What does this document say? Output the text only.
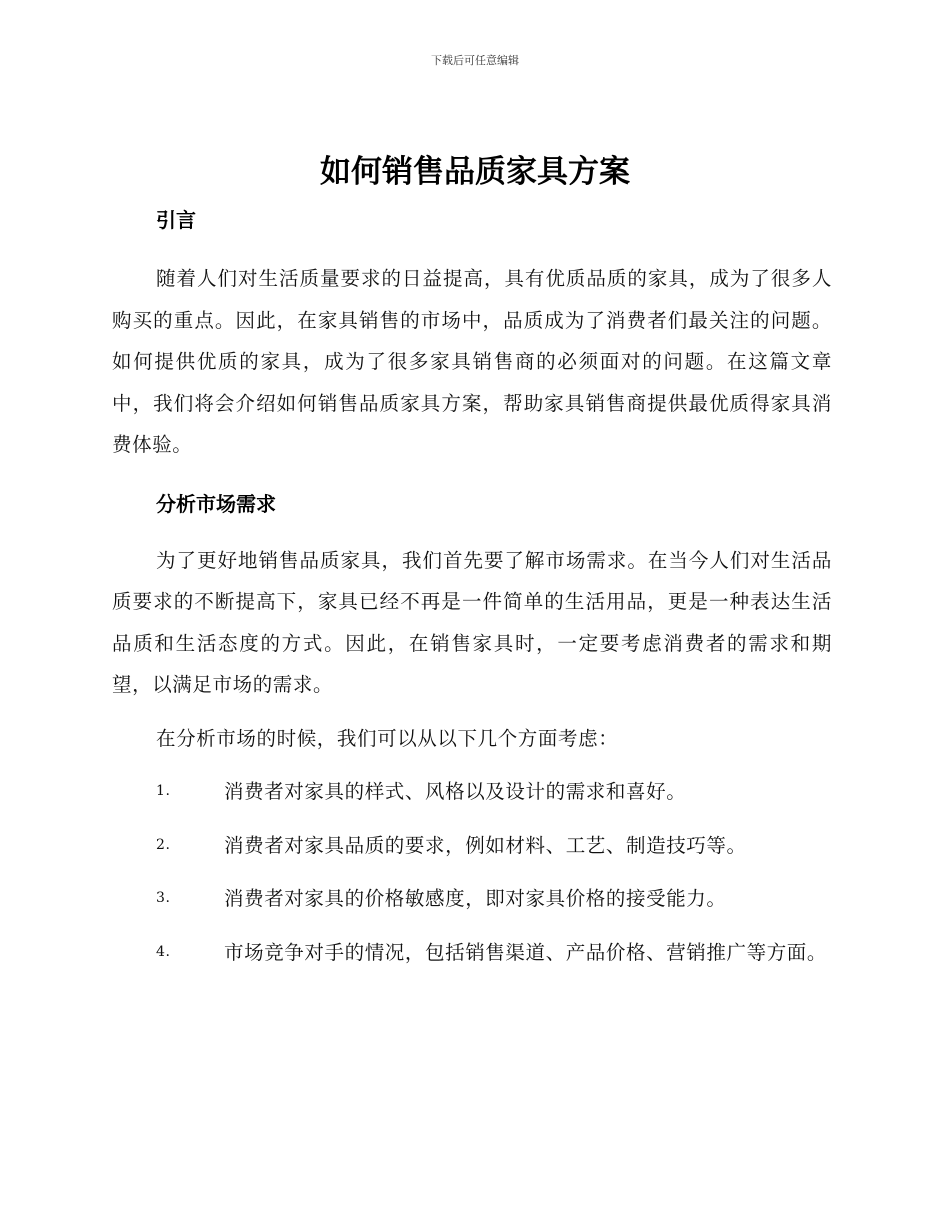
下载后可任意编辑
如何销售品质家具方案
引言

随着人们对生活质量要求的日益提高，具有优质品质的家具，成为了很多人购买的重点。因此，在家具销售的市场中，品质成为了消费者们最关注的问题。如何提供优质的家具，成为了很多家具销售商的必须面对的问题。在这篇文章中，我们将会介绍如何销售品质家具方案，帮助家具销售商提供最优质得家具消费体验。

分析市场需求

为了更好地销售品质家具，我们首先要了解市场需求。在当今人们对生活品质要求的不断提高下，家具已经不再是一件简单的生活用品，更是一种表达生活品质和生活态度的方式。因此，在销售家具时，一定要考虑消费者的需求和期望，以满足市场的需求。

在分析市场的时候，我们可以从以下几个方面考虑：

1.	消费者对家具的样式、风格以及设计的需求和喜好。

2.	消费者对家具品质的要求，例如材料、工艺、制造技巧等。

3.	消费者对家具的价格敏感度，即对家具价格的接受能力。

4.	市场竞争对手的情况，包括销售渠道、产品价格、营销推广等方面。
